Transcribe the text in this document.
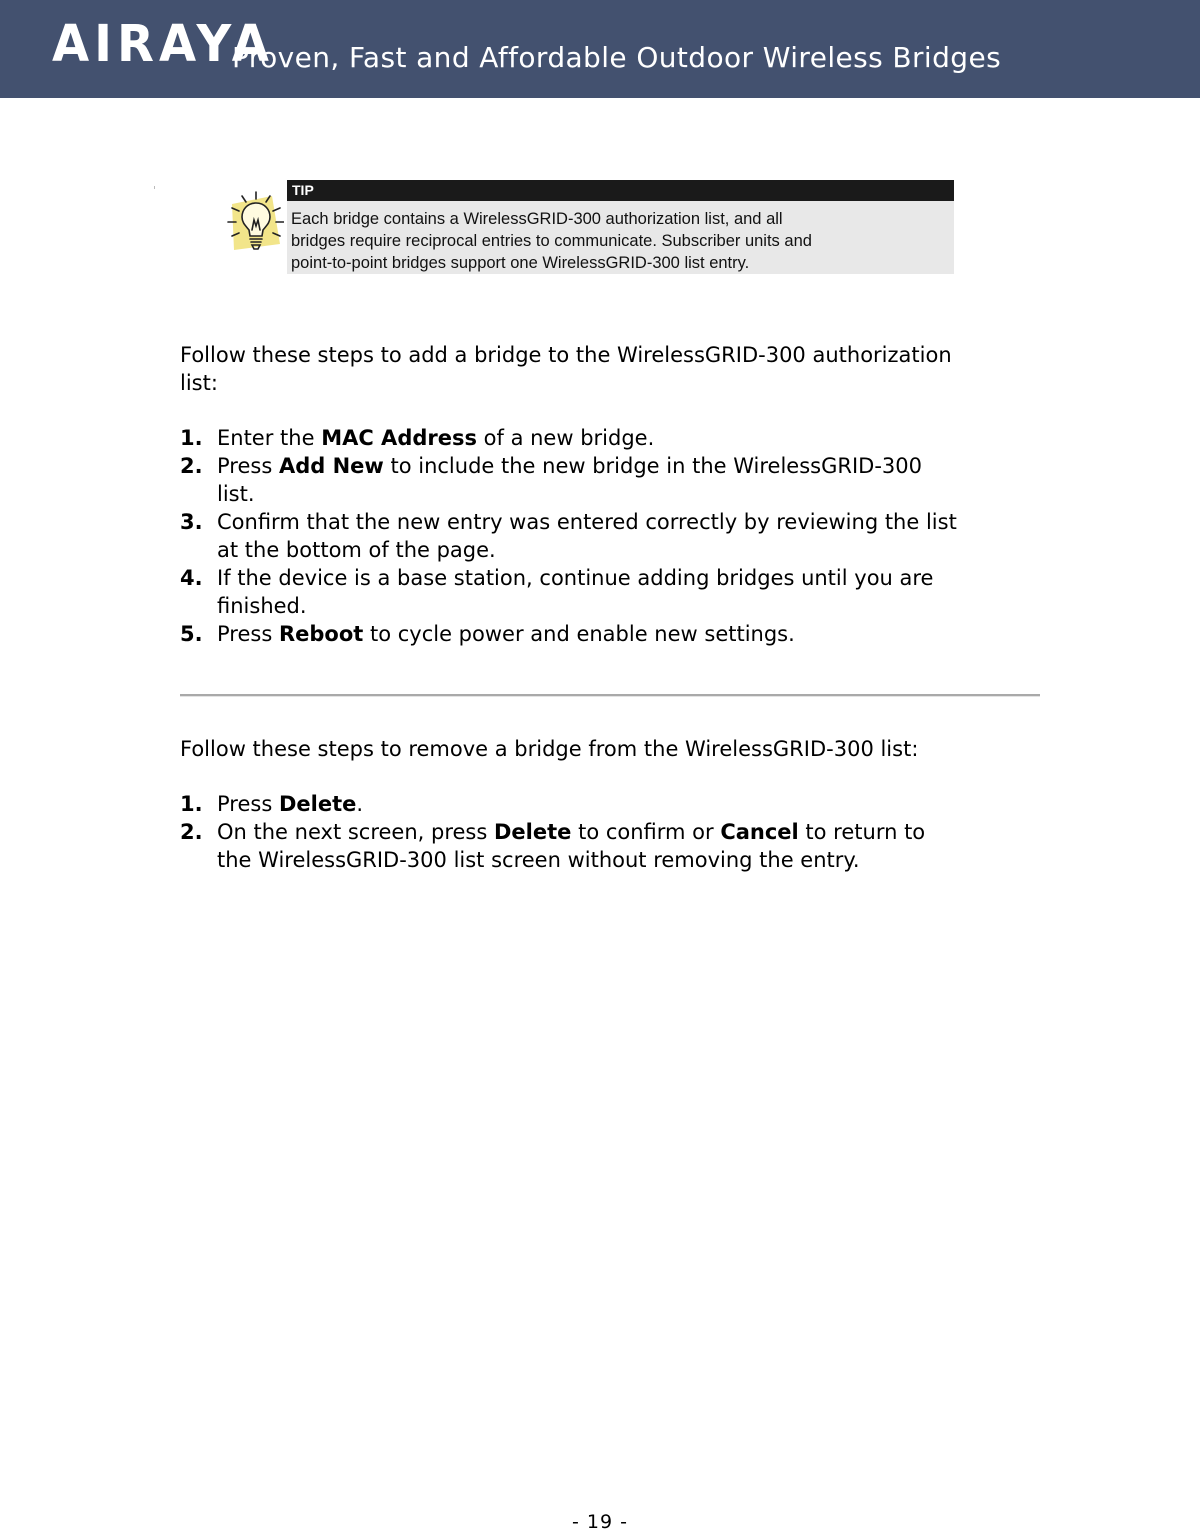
AIRAYA
Proven, Fast and Affordable Outdoor Wireless Bridges
TIP
Each bridge contains a WirelessGRID-300 authorization list, and all
bridges require reciprocal entries to communicate. Subscriber units and
point-to-point bridges support one WirelessGRID-300 list entry.

Follow these steps to add a bridge to the WirelessGRID-300 authorization

list:

1. Enter the MAC Address of a new bridge.
2. Press Add New to include the new bridge in the WirelessGRID-300
list.
3. Confirm that the new entry was entered correctly by reviewing the list
at the bottom of the page.
4. If the device is a base station, continue adding bridges until you are
finished.
5. Press Reboot to cycle power and enable new settings.

Follow these steps to remove a bridge from the WirelessGRID-300 list:

1. Press Delete.
2. On the next screen, press Delete to confirm or Cancel to return to
the WirelessGRID-300 list screen without removing the entry.
- 19 -
